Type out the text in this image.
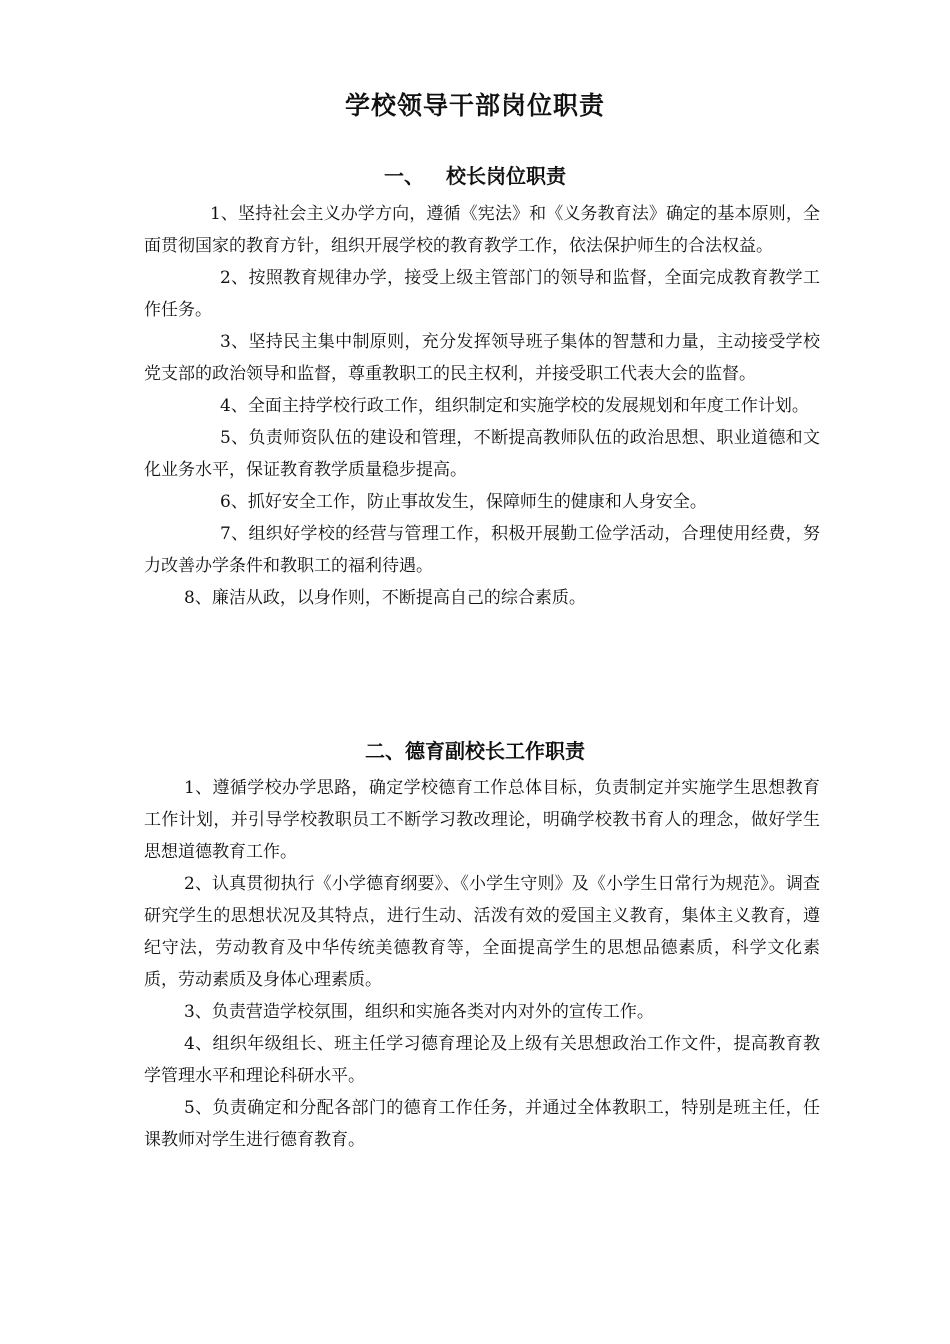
学校领导干部岗位职责
一、 校长岗位职责

1、坚持社会主义办学方向，遵循《宪法》和《义务教育法》确定的基本原则，全面贯彻国家的教育方针，组织开展学校的教育教学工作，依法保护师生的合法权益。

2、按照教育规律办学，接受上级主管部门的领导和监督，全面完成教育教学工作任务。

3、坚持民主集中制原则，充分发挥领导班子集体的智慧和力量，主动接受学校党支部的政治领导和监督，尊重教职工的民主权利，并接受职工代表大会的监督。

4、全面主持学校行政工作，组织制定和实施学校的发展规划和年度工作计划。

5、负责师资队伍的建设和管理，不断提高教师队伍的政治思想、职业道德和文化业务水平，保证教育教学质量稳步提高。

6、抓好安全工作，防止事故发生，保障师生的健康和人身安全。

7、组织好学校的经营与管理工作，积极开展勤工俭学活动，合理使用经费，努力改善办学条件和教职工的福利待遇。

8、廉洁从政，以身作则，不断提高自己的综合素质。

二、德育副校长工作职责

1、遵循学校办学思路，确定学校德育工作总体目标，负责制定并实施学生思想教育工作计划，并引导学校教职员工不断学习教改理论，明确学校教书育人的理念，做好学生思想道德教育工作。

2、认真贯彻执行《小学德育纲要》、《小学生守则》及《小学生日常行为规范》。调查研究学生的思想状况及其特点，进行生动、活泼有效的爱国主义教育，集体主义教育，遵纪守法，劳动教育及中华传统美德教育等，全面提高学生的思想品德素质，科学文化素质，劳动素质及身体心理素质。

3、负责营造学校氛围，组织和实施各类对内对外的宣传工作。

4、组织年级组长、班主任学习德育理论及上级有关思想政治工作文件，提高教育教学管理水平和理论科研水平。

5、负责确定和分配各部门的德育工作任务，并通过全体教职工，特别是班主任，任课教师对学生进行德育教育。
